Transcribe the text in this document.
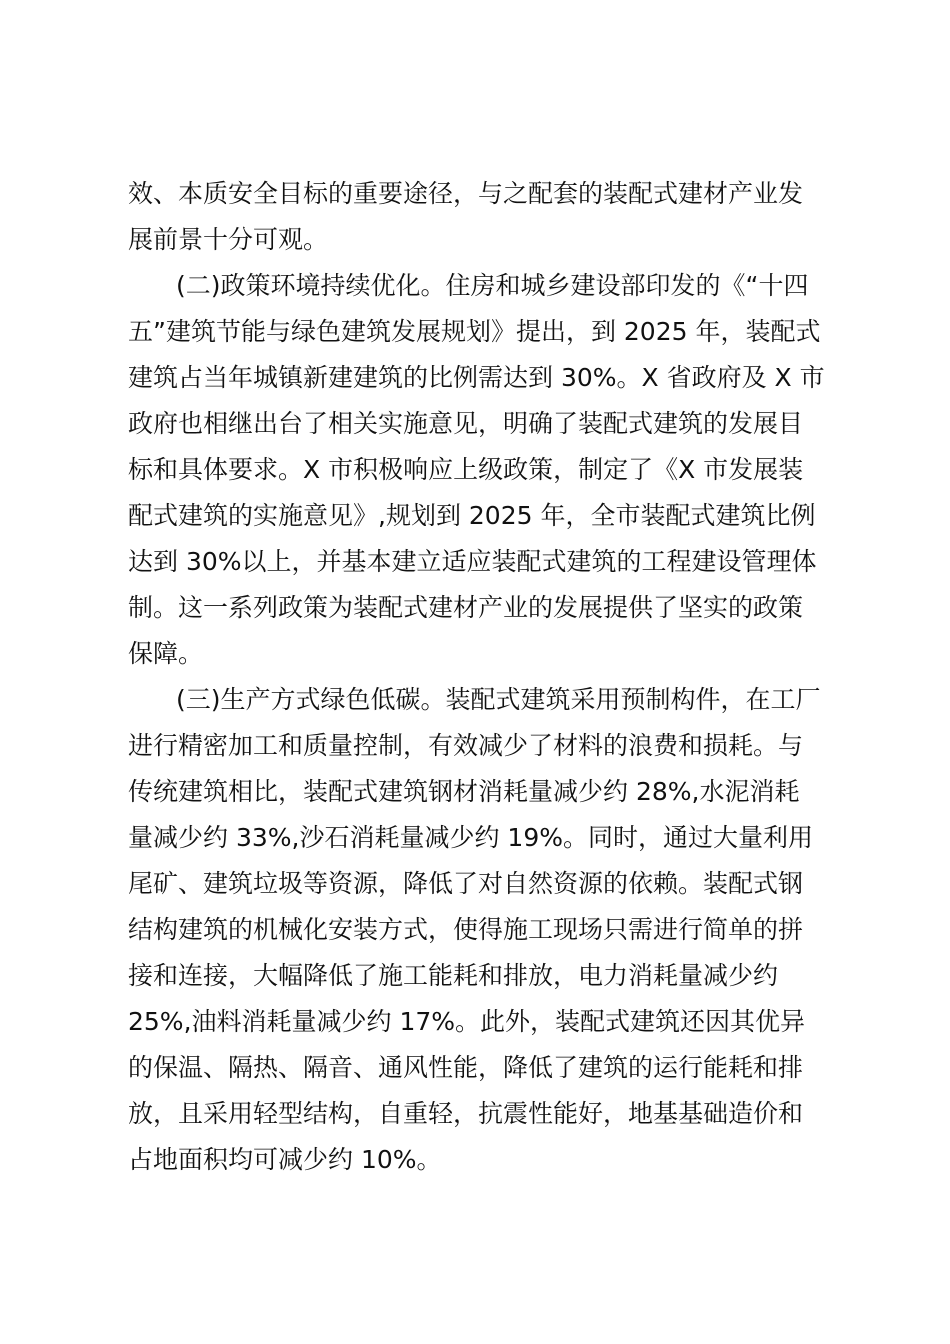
效、本质安全目标的重要途径，与之配套的装配式建材产业发
展前景十分可观。
(二)政策环境持续优化。住房和城乡建设部印发的《“十四
五”建筑节能与绿色建筑发展规划》提出，到 2025 年，装配式
建筑占当年城镇新建建筑的比例需达到 30%。X 省政府及 X 市
政府也相继出台了相关实施意见，明确了装配式建筑的发展目
标和具体要求。X 市积极响应上级政策，制定了《X 市发展装
配式建筑的实施意见》,规划到 2025 年，全市装配式建筑比例
达到 30%以上，并基本建立适应装配式建筑的工程建设管理体
制。这一系列政策为装配式建材产业的发展提供了坚实的政策
保障。
(三)生产方式绿色低碳。装配式建筑采用预制构件，在工厂
进行精密加工和质量控制，有效减少了材料的浪费和损耗。与
传统建筑相比，装配式建筑钢材消耗量减少约 28%,水泥消耗
量减少约 33%,沙石消耗量减少约 19%。同时，通过大量利用
尾矿、建筑垃圾等资源，降低了对自然资源的依赖。装配式钢
结构建筑的机械化安装方式，使得施工现场只需进行简单的拼
接和连接，大幅降低了施工能耗和排放，电力消耗量减少约
25%,油料消耗量减少约 17%。此外，装配式建筑还因其优异
的保温、隔热、隔音、通风性能，降低了建筑的运行能耗和排
放，且采用轻型结构，自重轻，抗震性能好，地基基础造价和
占地面积均可减少约 10%。
